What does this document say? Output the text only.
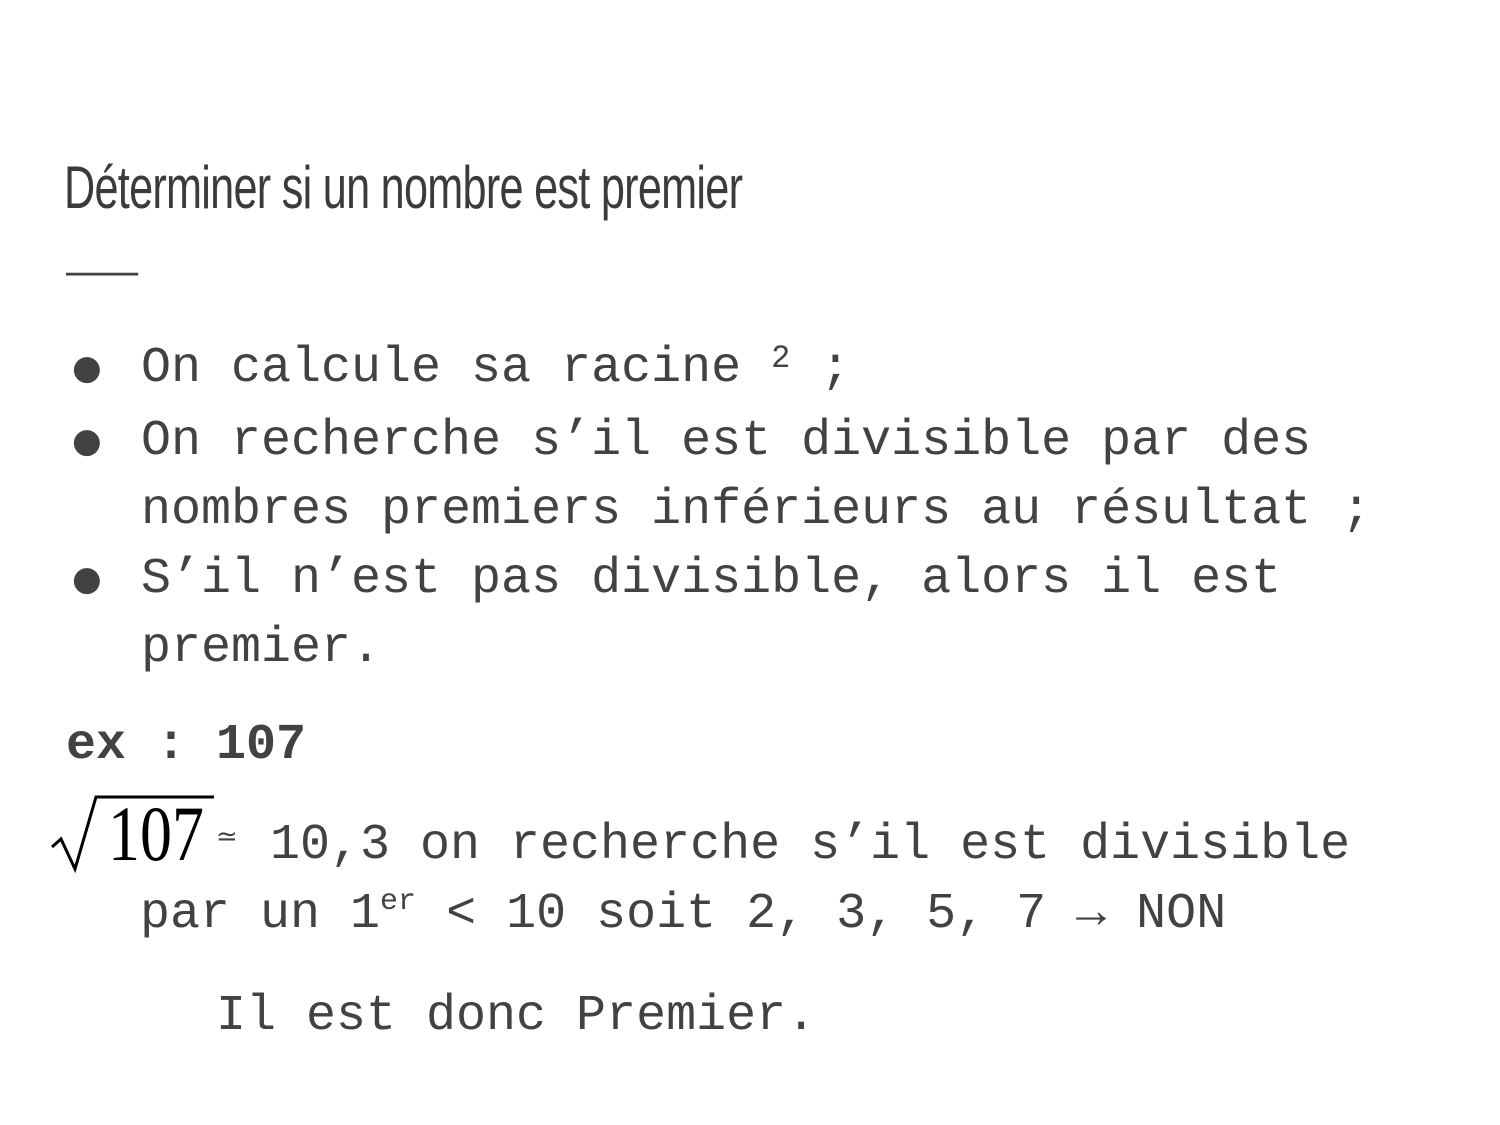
Déterminer si un nombre est premier
———
● On calcule sa racine $^2$ ;
● On recherche s’il est divisible par des
nombres premiers inférieurs au résultat ;
● S’il n’est pas divisible, alors il est
premier.
ex : 107
107 ≃ 10,3 on recherche s’il est divisible
par un 1er < 10 soit 2, 3, 5, 7 → NON
Il est donc Premier.
